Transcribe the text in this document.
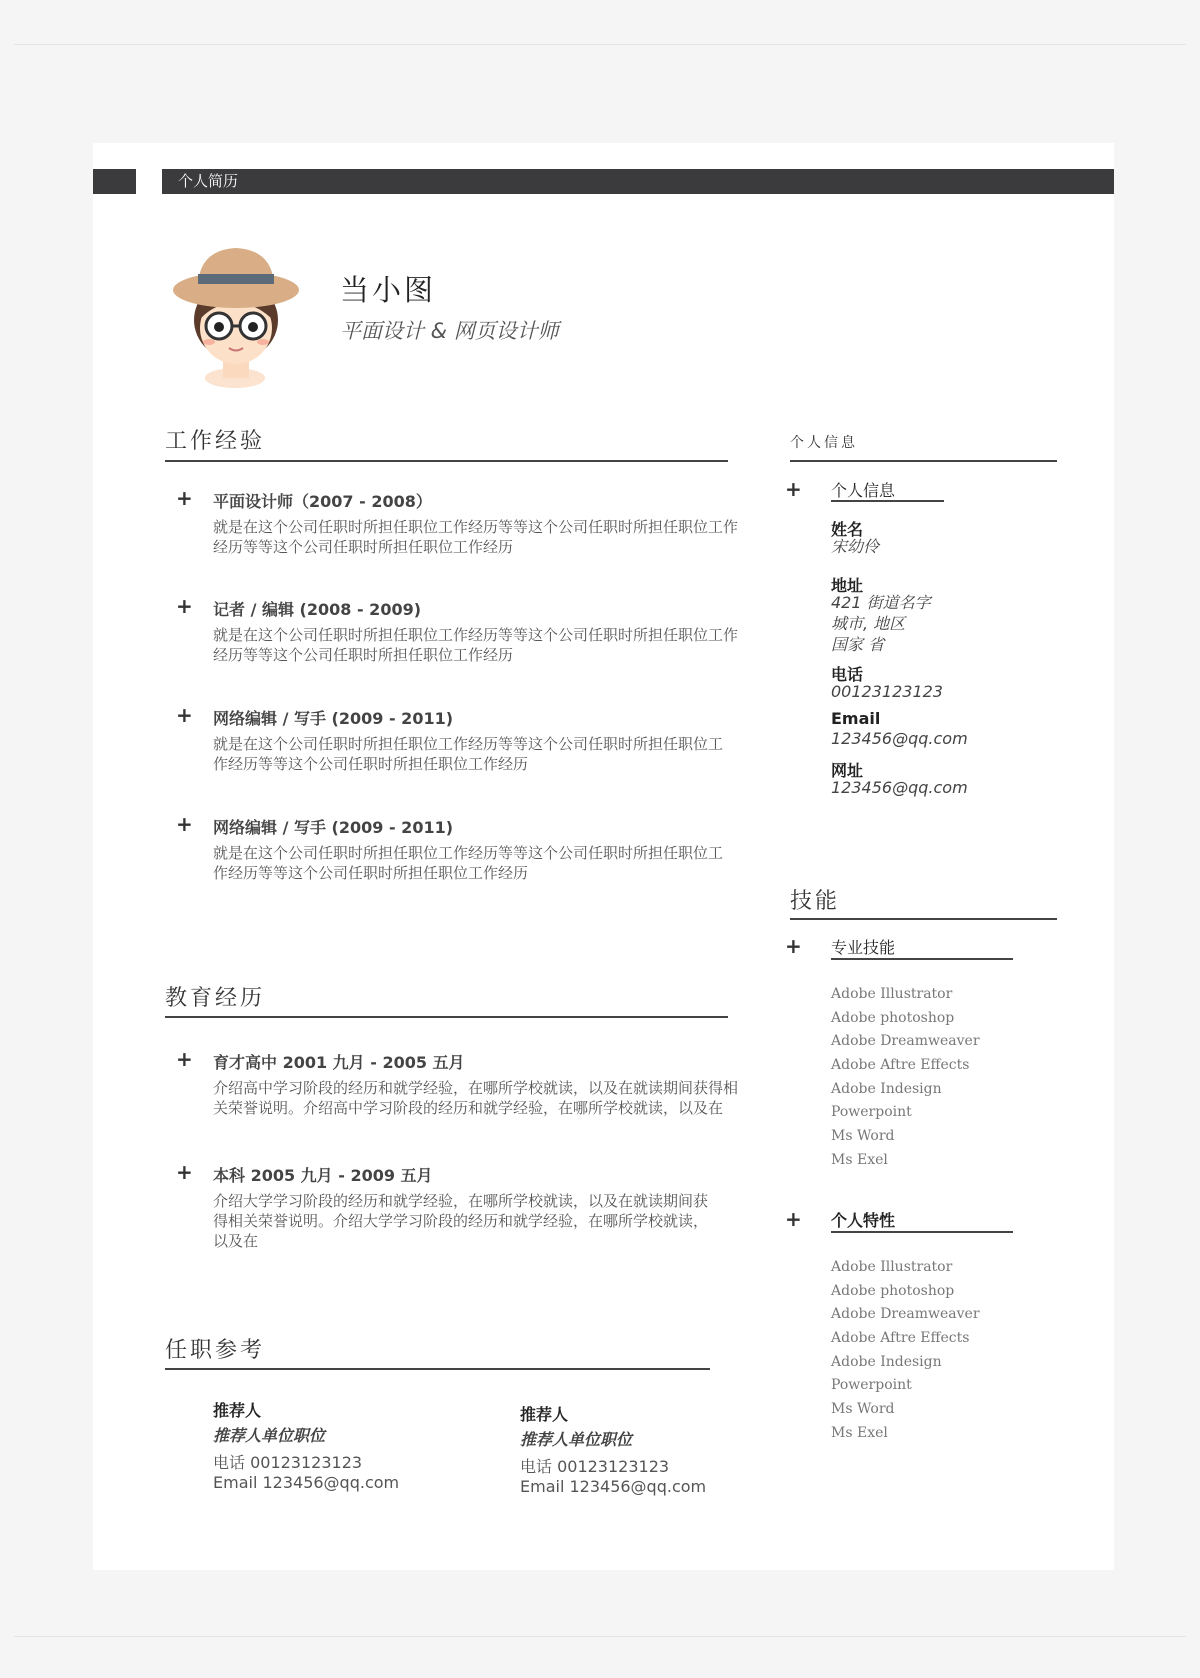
个人简历
当小图
平面设计 & 网页设计师
工作经验
+ 平面设计师（2007 - 2008）
就是在这个公司任职时所担任职位工作经历等等这个公司任职时所担任职位工作经历等等这个公司任职时所担任职位工作经历
+ 记者 / 编辑 (2008 - 2009)
就是在这个公司任职时所担任职位工作经历等等这个公司任职时所担任职位工作经历等等这个公司任职时所担任职位工作经历
+ 网络编辑 / 写手 (2009 - 2011)
就是在这个公司任职时所担任职位工作经历等等这个公司任职时所担任职位工作经历等等这个公司任职时所担任职位工作经历
+ 网络编辑 / 写手 (2009 - 2011)
就是在这个公司任职时所担任职位工作经历等等这个公司任职时所担任职位工作经历等等这个公司任职时所担任职位工作经历
教育经历
+ 育才高中 2001 九月 - 2005 五月
介绍高中学习阶段的经历和就学经验，在哪所学校就读，以及在就读期间获得相关荣誉说明。介绍高中学习阶段的经历和就学经验，在哪所学校就读，以及在
+ 本科 2005 九月 - 2009 五月
介绍大学学习阶段的经历和就学经验，在哪所学校就读，以及在就读期间获得相关荣誉说明。介绍大学学习阶段的经历和就学经验，在哪所学校就读，以及在
任职参考
推荐人
推荐人单位职位
电话 00123123123
Email 123456@qq.com
推荐人
推荐人单位职位
电话 00123123123
Email 123456@qq.com
个人信息
+ 个人信息
姓名
宋幼伶
地址
421 街道名字
城市, 地区
国家 省
电话
00123123123
Email
123456@qq.com
网址
123456@qq.com
技能
+ 专业技能
Adobe Illustrator
Adobe photoshop
Adobe Dreamweaver
Adobe Aftre Effects
Adobe Indesign
Powerpoint
Ms Word
Ms Exel
+ 个人特性
Adobe Illustrator
Adobe photoshop
Adobe Dreamweaver
Adobe Aftre Effects
Adobe Indesign
Powerpoint
Ms Word
Ms Exel
